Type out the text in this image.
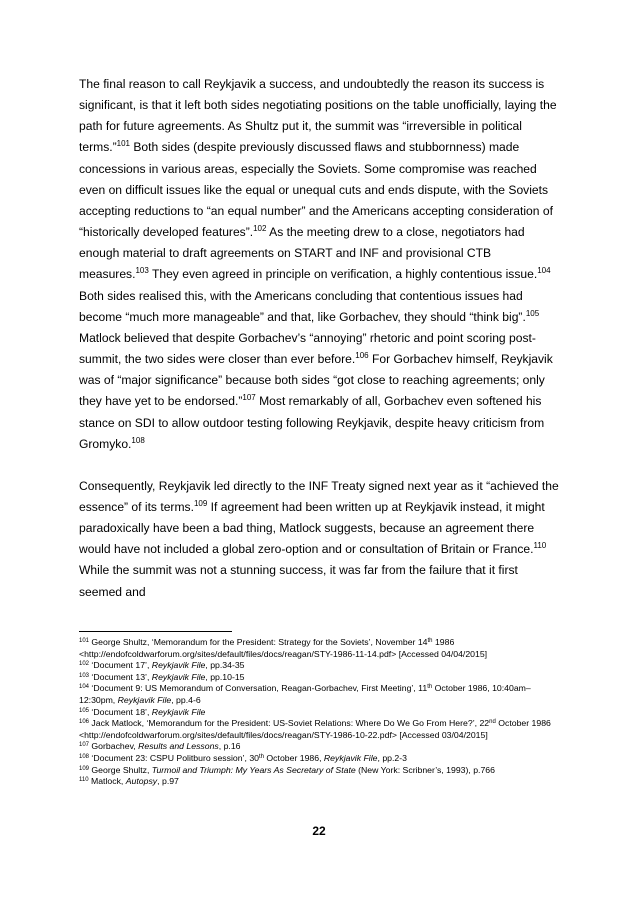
The final reason to call Reykjavik a success, and undoubtedly the reason its success is significant, is that it left both sides negotiating positions on the table unofficially, laying the path for future agreements. As Shultz put it, the summit was “irreversible in political terms.”$^{101}$ Both sides (despite previously discussed flaws and stubbornness) made concessions in various areas, especially the Soviets. Some compromise was reached even on difficult issues like the equal or unequal cuts and ends dispute, with the Soviets accepting reductions to “an equal number” and the Americans accepting consideration of “historically developed features”.$^{102}$ As the meeting drew to a close, negotiators had enough material to draft agreements on START and INF and provisional CTB measures.$^{103}$ They even agreed in principle on verification, a highly contentious issue.$^{104}$ Both sides realised this, with the Americans concluding that contentious issues had become “much more manageable” and that, like Gorbachev, they should “think big”.$^{105}$ Matlock believed that despite Gorbachev’s “annoying” rhetoric and point scoring post-summit, the two sides were closer than ever before.$^{106}$ For Gorbachev himself, Reykjavik was of “major significance” because both sides “got close to reaching agreements; only they have yet to be endorsed.”$^{107}$ Most remarkably of all, Gorbachev even softened his stance on SDI to allow outdoor testing following Reykjavik, despite heavy criticism from Gromyko.$^{108}$

Consequently, Reykjavik led directly to the INF Treaty signed next year as it “achieved the essence” of its terms.$^{109}$ If agreement had been written up at Reykjavik instead, it might paradoxically have been a bad thing, Matlock suggests, because an agreement there would have not included a global zero-option and or consultation of Britain or France.$^{110}$ While the summit was not a stunning success, it was far from the failure that it first seemed and

$^{101}$ George Shultz, ‘Memorandum for the President: Strategy for the Soviets’, November 14th 1986 <http://endofcoldwarforum.org/sites/default/files/docs/reagan/STY-1986-11-14.pdf> [Accessed 04/04/2015]

$^{102}$ ‘Document 17’, Reykjavik File, pp.34-35

$^{103}$ ‘Document 13’, Reykjavik File, pp.10-15

$^{104}$ ‘Document 9: US Memorandum of Conversation, Reagan-Gorbachev, First Meeting’, 11th October 1986, 10:40am–12:30pm, Reykjavik File, pp.4-6

$^{105}$ ‘Document 18’, Reykjavik File

$^{106}$ Jack Matlock, ‘Memorandum for the President: US-Soviet Relations: Where Do We Go From Here?’, 22nd October 1986 <http://endofcoldwarforum.org/sites/default/files/docs/reagan/STY-1986-10-22.pdf> [Accessed 03/04/2015]

$^{107}$ Gorbachev, Results and Lessons, p.16

$^{108}$ ‘Document 23: CSPU Politburo session’, 30th October 1986, Reykjavik File, pp.2-3

$^{109}$ George Shultz, Turmoil and Triumph: My Years As Secretary of State (New York: Scribner’s, 1993), p.766

$^{110}$ Matlock, Autopsy, p.97

22
